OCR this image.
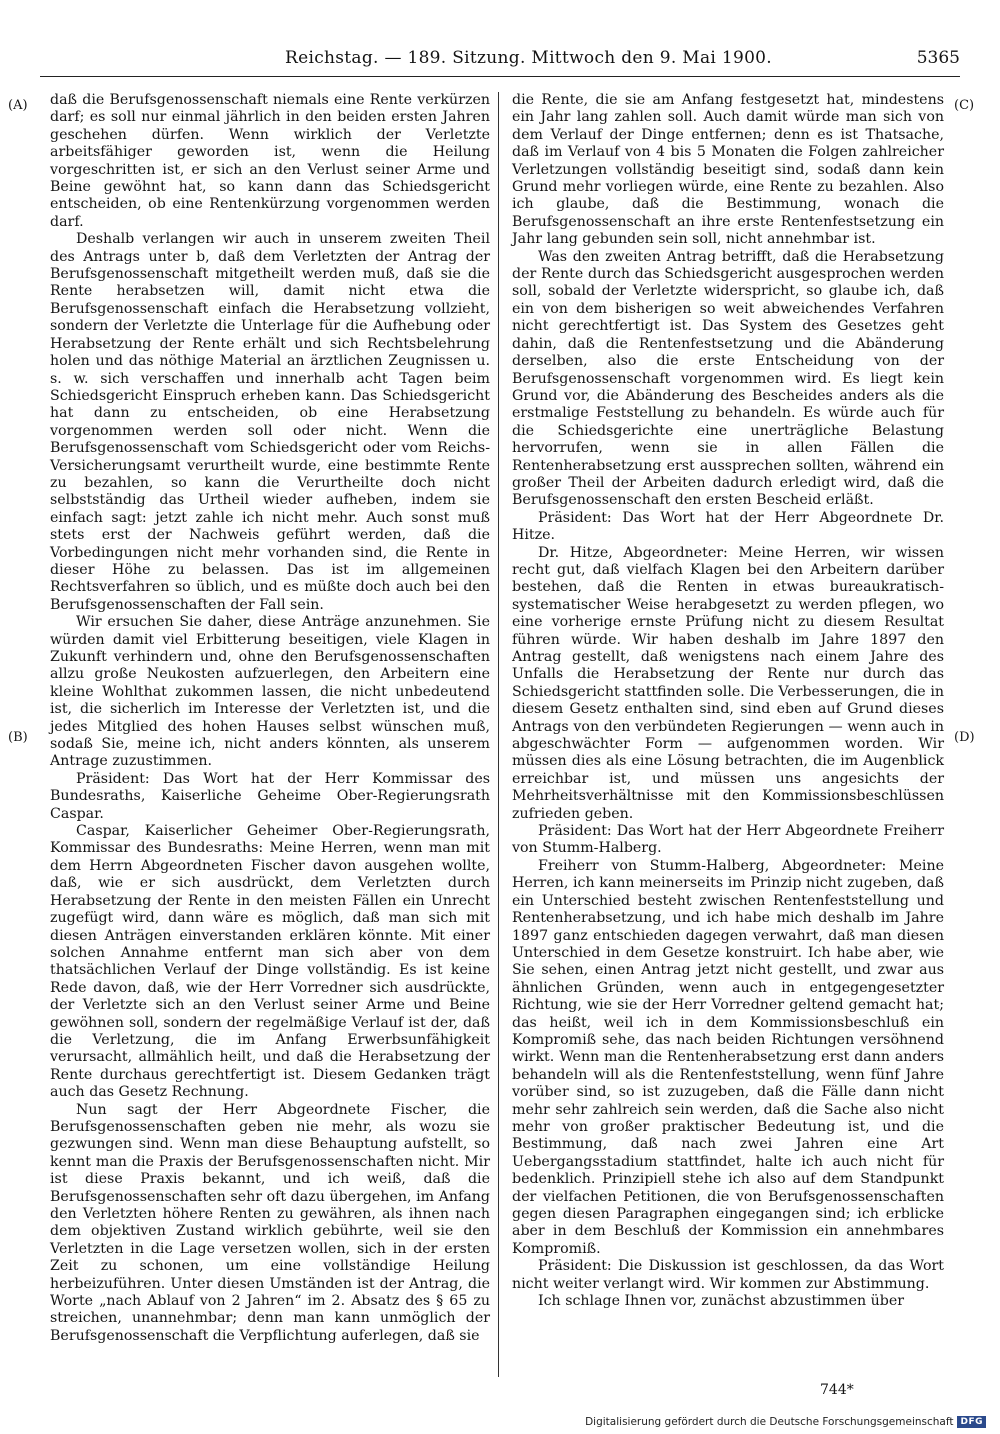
Reichstag. — 189. Sitzung. Mittwoch den 9. Mai 1900.	5365
(A)
(B)
(C)
(D)

daß die Berufsgenossenschaft niemals eine Rente verkürzen darf; es soll nur einmal jährlich in den beiden ersten Jahren geschehen dürfen. Wenn wirklich der Verletzte arbeitsfähiger geworden ist, wenn die Heilung vorgeschritten ist, er sich an den Verlust seiner Arme und Beine gewöhnt hat, so kann dann das Schiedsgericht entscheiden, ob eine Rentenkürzung vorgenommen werden darf.

Deshalb verlangen wir auch in unserem zweiten Theil des Antrags unter b, daß dem Verletzten der Antrag der Berufsgenossenschaft mitgetheilt werden muß, daß sie die Rente herabsetzen will, damit nicht etwa die Berufsgenossenschaft einfach die Herabsetzung vollzieht, sondern der Verletzte die Unterlage für die Aufhebung oder Herabsetzung der Rente erhält und sich Rechtsbelehrung holen und das nöthige Material an ärztlichen Zeugnissen u. s. w. sich verschaffen und innerhalb acht Tagen beim Schiedsgericht Einspruch erheben kann. Das Schiedsgericht hat dann zu entscheiden, ob eine Herabsetzung vorgenommen werden soll oder nicht. Wenn die Berufsgenossenschaft vom Schiedsgericht oder vom Reichs-Versicherungsamt verurtheilt wurde, eine bestimmte Rente zu bezahlen, so kann die Verurtheilte doch nicht selbstständig das Urtheil wieder aufheben, indem sie einfach sagt: jetzt zahle ich nicht mehr. Auch sonst muß stets erst der Nachweis geführt werden, daß die Vorbedingungen nicht mehr vorhanden sind, die Rente in dieser Höhe zu belassen. Das ist im allgemeinen Rechtsverfahren so üblich, und es müßte doch auch bei den Berufsgenossenschaften der Fall sein.

Wir ersuchen Sie daher, diese Anträge anzunehmen. Sie würden damit viel Erbitterung beseitigen, viele Klagen in Zukunft verhindern und, ohne den Berufsgenossenschaften allzu große Neukosten aufzuerlegen, den Arbeitern eine kleine Wohlthat zukommen lassen, die nicht unbedeutend ist, die sicherlich im Interesse der Verletzten ist, und die jedes Mitglied des hohen Hauses selbst wünschen muß, sodaß Sie, meine ich, nicht anders könnten, als unserem Antrage zuzustimmen.

Präsident: Das Wort hat der Herr Kommissar des Bundesraths, Kaiserliche Geheime Ober-Regierungsrath Caspar.

Caspar, Kaiserlicher Geheimer Ober-Regierungsrath, Kommissar des Bundesraths: Meine Herren, wenn man mit dem Herrn Abgeordneten Fischer davon ausgehen wollte, daß, wie er sich ausdrückt, dem Verletzten durch Herabsetzung der Rente in den meisten Fällen ein Unrecht zugefügt wird, dann wäre es möglich, daß man sich mit diesen Anträgen einverstanden erklären könnte. Mit einer solchen Annahme entfernt man sich aber von dem thatsächlichen Verlauf der Dinge vollständig. Es ist keine Rede davon, daß, wie der Herr Vorredner sich ausdrückte, der Verletzte sich an den Verlust seiner Arme und Beine gewöhnen soll, sondern der regelmäßige Verlauf ist der, daß die Verletzung, die im Anfang Erwerbsunfähigkeit verursacht, allmählich heilt, und daß die Herabsetzung der Rente durchaus gerechtfertigt ist. Diesem Gedanken trägt auch das Gesetz Rechnung.

Nun sagt der Herr Abgeordnete Fischer, die Berufsgenossenschaften geben nie mehr, als wozu sie gezwungen sind. Wenn man diese Behauptung aufstellt, so kennt man die Praxis der Berufsgenossenschaften nicht. Mir ist diese Praxis bekannt, und ich weiß, daß die Berufsgenossenschaften sehr oft dazu übergehen, im Anfang den Verletzten höhere Renten zu gewähren, als ihnen nach dem objektiven Zustand wirklich gebührte, weil sie den Verletzten in die Lage versetzen wollen, sich in der ersten Zeit zu schonen, um eine vollständige Heilung herbeizuführen. Unter diesen Umständen ist der Antrag, die Worte „nach Ablauf von 2 Jahren“ im 2. Absatz des § 65 zu streichen, unannehmbar; denn man kann unmöglich der Berufsgenossenschaft die Verpflichtung auferlegen, daß sie

die Rente, die sie am Anfang festgesetzt hat, mindestens ein Jahr lang zahlen soll. Auch damit würde man sich von dem Verlauf der Dinge entfernen; denn es ist Thatsache, daß im Verlauf von 4 bis 5 Monaten die Folgen zahlreicher Verletzungen vollständig beseitigt sind, sodaß dann kein Grund mehr vorliegen würde, eine Rente zu bezahlen. Also ich glaube, daß die Bestimmung, wonach die Berufsgenossenschaft an ihre erste Rentenfestsetzung ein Jahr lang gebunden sein soll, nicht annehmbar ist.

Was den zweiten Antrag betrifft, daß die Herabsetzung der Rente durch das Schiedsgericht ausgesprochen werden soll, sobald der Verletzte widerspricht, so glaube ich, daß ein von dem bisherigen so weit abweichendes Verfahren nicht gerechtfertigt ist. Das System des Gesetzes geht dahin, daß die Rentenfestsetzung und die Abänderung derselben, also die erste Entscheidung von der Berufsgenossenschaft vorgenommen wird. Es liegt kein Grund vor, die Abänderung des Bescheides anders als die erstmalige Feststellung zu behandeln. Es würde auch für die Schiedsgerichte eine unerträgliche Belastung hervorrufen, wenn sie in allen Fällen die Rentenherabsetzung erst aussprechen sollten, während ein großer Theil der Arbeiten dadurch erledigt wird, daß die Berufsgenossenschaft den ersten Bescheid erläßt.

Präsident: Das Wort hat der Herr Abgeordnete Dr. Hitze.

Dr. Hitze, Abgeordneter: Meine Herren, wir wissen recht gut, daß vielfach Klagen bei den Arbeitern darüber bestehen, daß die Renten in etwas bureaukratisch-systematischer Weise herabgesetzt zu werden pflegen, wo eine vorherige ernste Prüfung nicht zu diesem Resultat führen würde. Wir haben deshalb im Jahre 1897 den Antrag gestellt, daß wenigstens nach einem Jahre des Unfalls die Herabsetzung der Rente nur durch das Schiedsgericht stattfinden solle. Die Verbesserungen, die in diesem Gesetz enthalten sind, sind eben auf Grund dieses Antrags von den verbündeten Regierungen — wenn auch in abgeschwächter Form — aufgenommen worden. Wir müssen dies als eine Lösung betrachten, die im Augenblick erreichbar ist, und müssen uns angesichts der Mehrheitsverhältnisse mit den Kommissionsbeschlüssen zufrieden geben.

Präsident: Das Wort hat der Herr Abgeordnete Freiherr von Stumm-Halberg.

Freiherr von Stumm-Halberg, Abgeordneter: Meine Herren, ich kann meinerseits im Prinzip nicht zugeben, daß ein Unterschied besteht zwischen Rentenfeststellung und Rentenherabsetzung, und ich habe mich deshalb im Jahre 1897 ganz entschieden dagegen verwahrt, daß man diesen Unterschied in dem Gesetze konstruirt. Ich habe aber, wie Sie sehen, einen Antrag jetzt nicht gestellt, und zwar aus ähnlichen Gründen, wenn auch in entgegengesetzter Richtung, wie sie der Herr Vorredner geltend gemacht hat; das heißt, weil ich in dem Kommissionsbeschluß ein Kompromiß sehe, das nach beiden Richtungen versöhnend wirkt. Wenn man die Rentenherabsetzung erst dann anders behandeln will als die Rentenfeststellung, wenn fünf Jahre vorüber sind, so ist zuzugeben, daß die Fälle dann nicht mehr sehr zahlreich sein werden, daß die Sache also nicht mehr von großer praktischer Bedeutung ist, und die Bestimmung, daß nach zwei Jahren eine Art Uebergangsstadium stattfindet, halte ich auch nicht für bedenklich. Prinzipiell stehe ich also auf dem Standpunkt der vielfachen Petitionen, die von Berufsgenossenschaften gegen diesen Paragraphen eingegangen sind; ich erblicke aber in dem Beschluß der Kommission ein annehmbares Kompromiß.

Präsident: Die Diskussion ist geschlossen, da das Wort nicht weiter verlangt wird. Wir kommen zur Abstimmung.

Ich schlage Ihnen vor, zunächst abzustimmen über

744*
Digitalisierung gefördert durch die Deutsche Forschungsgemeinschaft DFG
